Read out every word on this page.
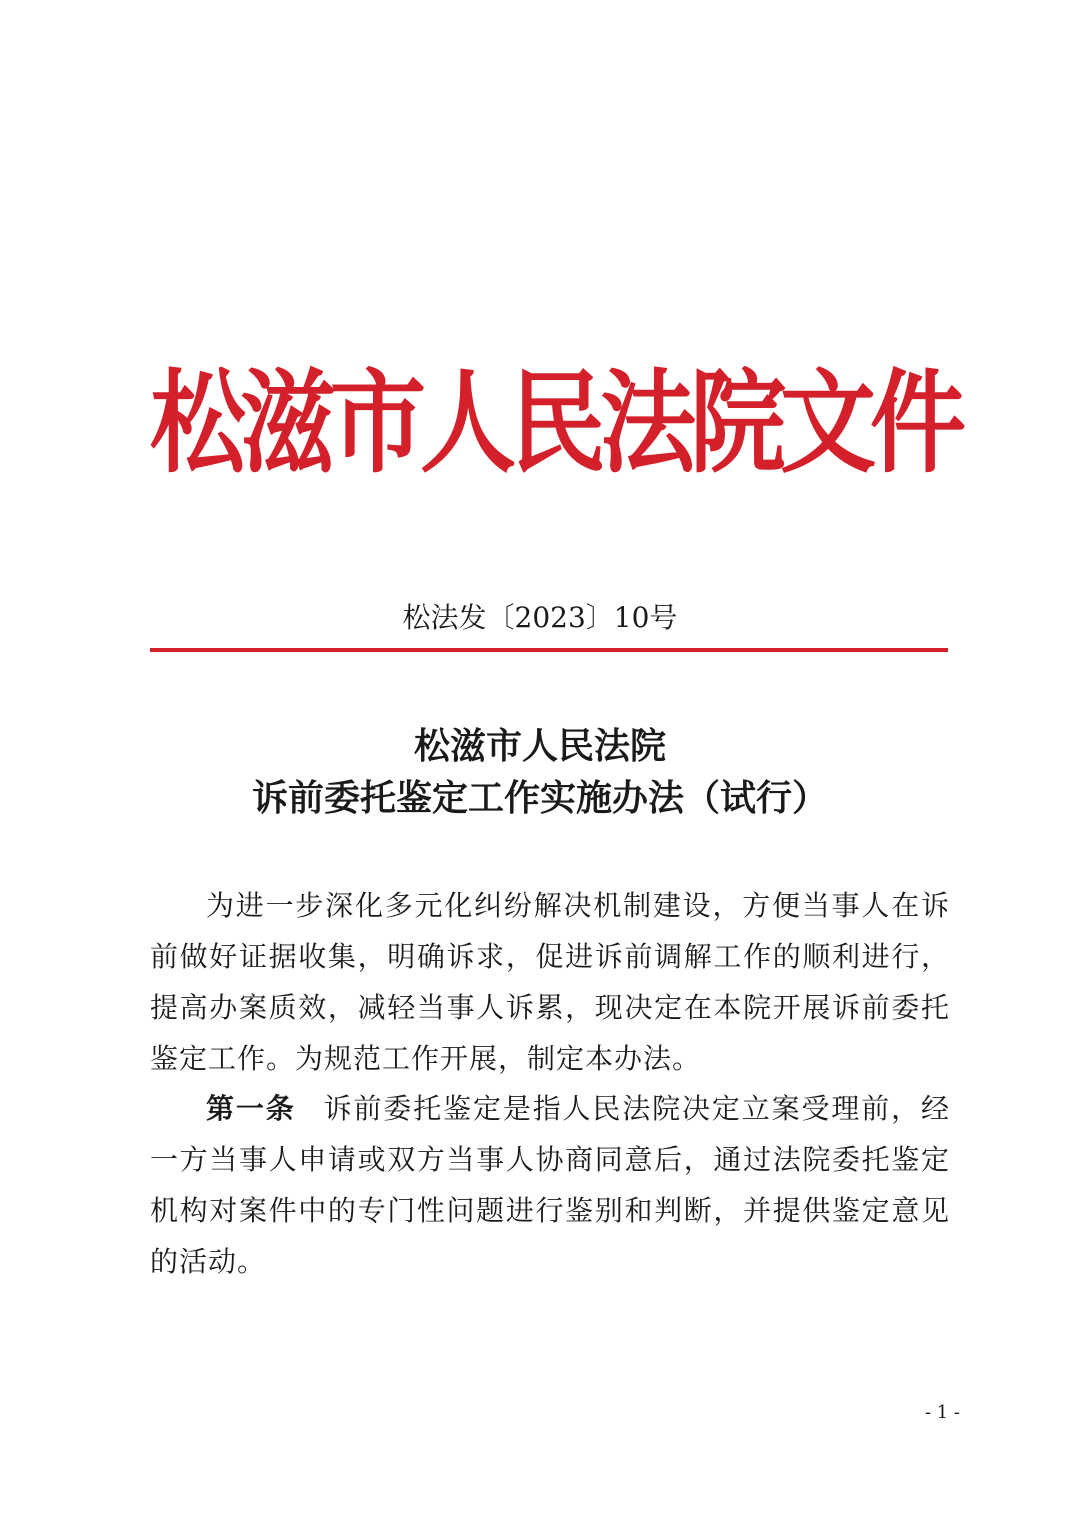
松滋市人民法院文件
松法发〔2023〕10号
松滋市人民法院
诉前委托鉴定工作实施办法（试行）

为进一步深化多元化纠纷解决机制建设，方便当事人在诉前做好证据收集，明确诉求，促进诉前调解工作的顺利进行，提高办案质效，减轻当事人诉累，现决定在本院开展诉前委托鉴定工作。为规范工作开展，制定本办法。

第一条 诉前委托鉴定是指人民法院决定立案受理前，经一方当事人申请或双方当事人协商同意后，通过法院委托鉴定机构对案件中的专门性问题进行鉴别和判断，并提供鉴定意见的活动。

- 1 -
